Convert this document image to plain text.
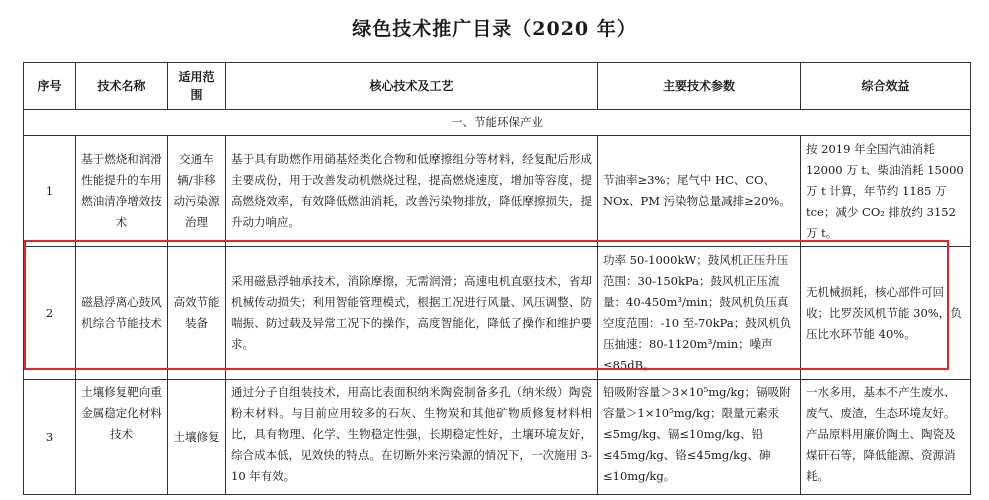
绿色技术推广目录（2020 年）
序号	技术名称	适用范围	核心技术及工艺	主要技术参数	综合效益
一、节能环保产业					
1	基于燃烧和润滑性能提升的车用燃油清净增效技术	交通车辆/非移动污染源治理	基于具有助燃作用硝基烃类化合物和低摩擦组分等材料，经复配后形成主要成份，用于改善发动机燃烧过程，提高燃烧速度，增加等容度，提高燃烧效率，有效降低燃油消耗，改善污染物排放，降低摩擦损失，提升动力响应。	节油率≥3%；尾气中 HC、CO、NOx、PM 污染物总量减排≥20%。	按 2019 年全国汽油消耗 12000 万 t、柴油消耗 15000 万 t 计算，年节约 1185 万 tce；减少 CO₂ 排放约 3152 万 t。
2	磁悬浮离心鼓风机综合节能技术	高效节能装备	采用磁悬浮轴承技术，消除摩擦，无需润滑；高速电机直驱技术，省却机械传动损失；利用智能管理模式，根据工况进行风量、风压调整、防喘振、防过载及异常工况下的操作，高度智能化，降低了操作和维护要求。	功率 50-1000kW；鼓风机正压升压范围：30-150kPa；鼓风机正压流量：40-450m³/min；鼓风机负压真空度范围：-10 至-70kPa；鼓风机负压抽速：80-1120m³/min；噪声≤85dB。	无机械损耗，核心部件可回收；比罗茨风机节能 30%，负压比水环节能 40%。
3	土壤修复靶向重金属稳定化材料技术	土壤修复	通过分子自组装技术，用高比表面积纳米陶瓷制备多孔（纳米级）陶瓷粉末材料。与目前应用较多的石灰、生物炭和其他矿物质修复材料相比，具有物理、化学、生物稳定性强，长期稳定性好，土壤环境友好，综合成本低，见效快的特点。在切断外来污染源的情况下，一次施用 3-10 年有效。	铅吸附容量＞3×10⁵mg/kg；镉吸附容量＞1×10⁵mg/kg；限量元素汞≤5mg/kg、镉≤10mg/kg、铅≤45mg/kg、铬≤45mg/kg、砷≤10mg/kg。	一水多用，基本不产生废水、废气、废渣，生态环境友好。产品原料用廉价陶土、陶瓷及煤矸石等，降低能源、资源消耗。
